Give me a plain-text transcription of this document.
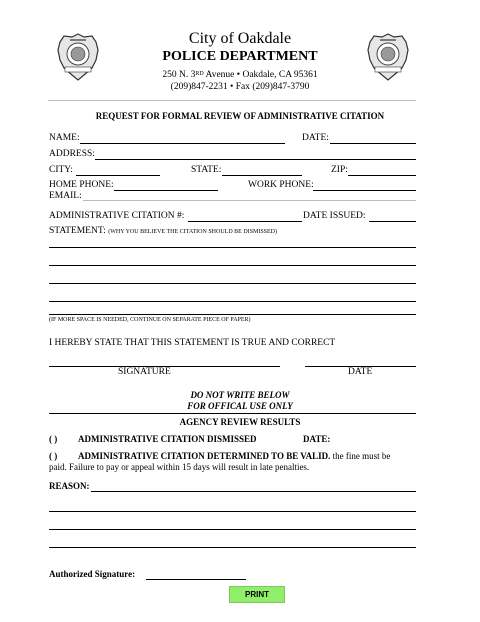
City of Oakdale
POLICE DEPARTMENT
250 N. 3RD Avenue • Oakdale, CA 95361
(209)847-2231 • Fax (209)847-3790
REQUEST FOR FORMAL REVIEW OF ADMINISTRATIVE CITATION
NAME:	DATE:
ADDRESS:
CITY:	STATE:	ZIP:
HOME PHONE:	WORK PHONE:
EMAIL:
ADMINISTRATIVE CITATION #:	DATE ISSUED:
STATEMENT: (WHY YOU BELIEVE THE CITATION SHOULD BE DISMISSED)
(IF MORE SPACE IS NEEDED, CONTINUE ON SEPARATE PIECE OF PAPER)
I HEREBY STATE THAT THIS STATEMENT IS TRUE AND CORRECT
SIGNATURE	DATE
DO NOT WRITE BELOW
FOR OFFICAL USE ONLY
AGENCY REVIEW RESULTS
( ) ADMINISTRATIVE CITATION DISMISSED	DATE:
( ) ADMINISTRATIVE CITATION DETERMINED TO BE VALID. the fine must be
paid. Failure to pay or appeal within 15 days will result in late penalties.
REASON:
Authorized Signature:
PRINT
